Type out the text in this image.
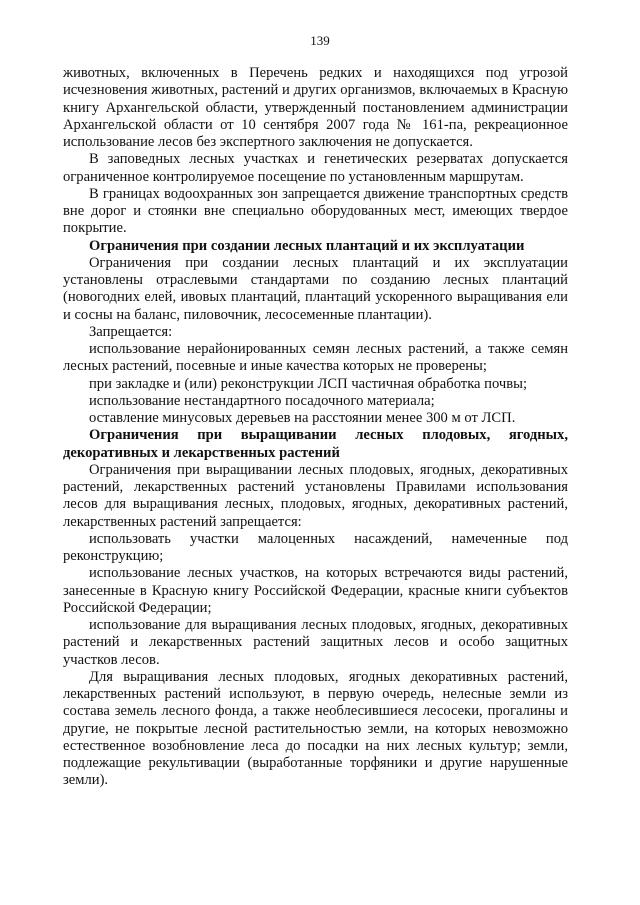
139

животных, включенных в Перечень редких и находящихся под угрозой исчезновения животных, растений и других организмов, включаемых в Красную книгу Архангельской области, утвержденный постановлением администрации Архангельской области от 10 сентября 2007 года № 161-па, рекреационное использование лесов без экспертного заключения не допускается.

В заповедных лесных участках и генетических резерватах допускается ограниченное контролируемое посещение по установленным маршрутам.

В границах водоохранных зон запрещается движение транспортных средств вне дорог и стоянки вне специально оборудованных мест, имеющих твердое покрытие.

Ограничения при создании лесных плантаций и их эксплуатации

Ограничения при создании лесных плантаций и их эксплуатации установлены отраслевыми стандартами по созданию лесных плантаций (новогодних елей, ивовых плантаций, плантаций ускоренного выращивания ели и сосны на баланс, пиловочник, лесосеменные плантации).

Запрещается:

использование нерайонированных семян лесных растений, а также семян лесных растений, посевные и иные качества которых не проверены;

при закладке и (или) реконструкции ЛСП частичная обработка почвы;

использование нестандартного посадочного материала;

оставление минусовых деревьев на расстоянии менее 300 м от ЛСП.

Ограничения при выращивании лесных плодовых, ягодных, декоративных и лекарственных растений

Ограничения при выращивании лесных плодовых, ягодных, декоративных растений, лекарственных растений установлены Правилами использования лесов для выращивания лесных, плодовых, ягодных, декоративных растений, лекарственных растений запрещается:

использовать участки малоценных насаждений, намеченные под реконструкцию;

использование лесных участков, на которых встречаются виды растений, занесенные в Красную книгу Российской Федерации, красные книги субъектов Российской Федерации;

использование для выращивания лесных плодовых, ягодных, декоративных растений и лекарственных растений защитных лесов и особо защитных участков лесов.

Для выращивания лесных плодовых, ягодных декоративных растений, лекарственных растений используют, в первую очередь, нелесные земли из состава земель лесного фонда, а также необлесившиеся лесосеки, прогалины и другие, не покрытые лесной растительностью земли, на которых невозможно естественное возобновление леса до посадки на них лесных культур; земли, подлежащие рекультивации (выработанные торфяники и другие нарушенные земли).
